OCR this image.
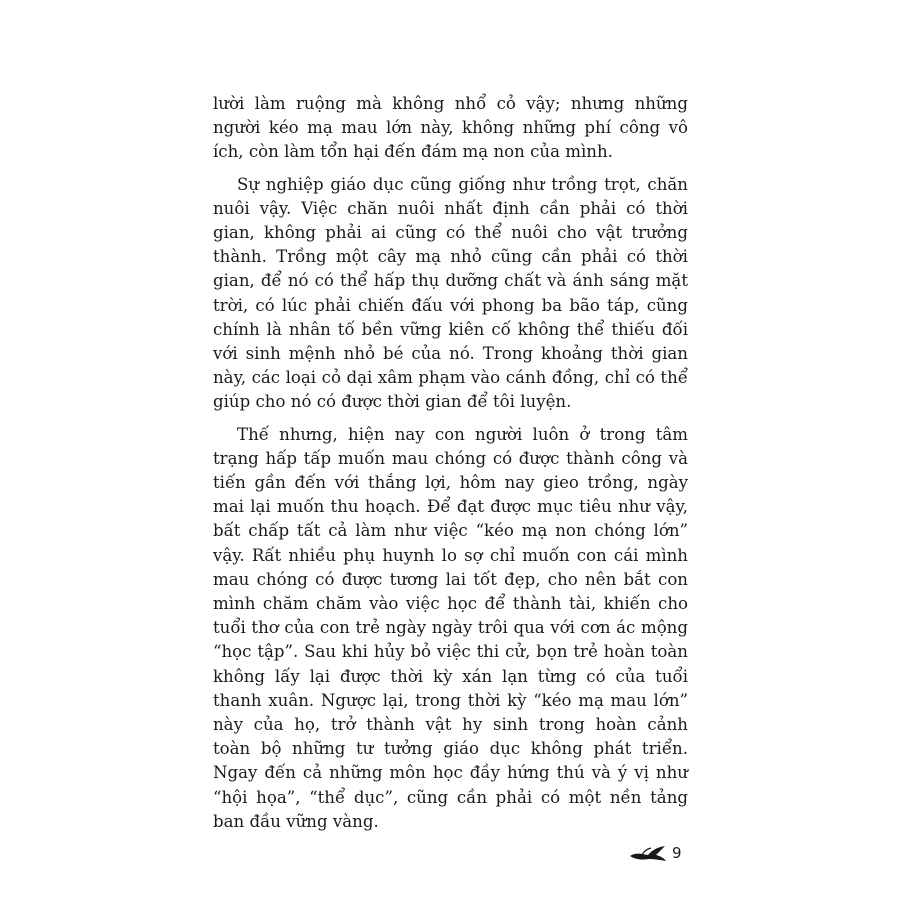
lười làm ruộng mà không nhổ cỏ vậy; nhưng những
người kéo mạ mau lớn này, không những phí công vô
ích, còn làm tổn hại đến đám mạ non của mình.
Sự nghiệp giáo dục cũng giống như trồng trọt, chăn
nuôi vậy. Việc chăn nuôi nhất định cần phải có thời
gian, không phải ai cũng có thể nuôi cho vật trưởng
thành. Trồng một cây mạ nhỏ cũng cần phải có thời
gian, để nó có thể hấp thụ dưỡng chất và ánh sáng mặt
trời, có lúc phải chiến đấu với phong ba bão táp, cũng
chính là nhân tố bền vững kiên cố không thể thiếu đối
với sinh mệnh nhỏ bé của nó. Trong khoảng thời gian
này, các loại cỏ dại xâm phạm vào cánh đồng, chỉ có thể
giúp cho nó có được thời gian để tôi luyện.
Thế nhưng, hiện nay con người luôn ở trong tâm
trạng hấp tấp muốn mau chóng có được thành công và
tiến gần đến với thắng lợi, hôm nay gieo trồng, ngày
mai lại muốn thu hoạch. Để đạt được mục tiêu như vậy,
bất chấp tất cả làm như việc “kéo mạ non chóng lớn”
vậy. Rất nhiều phụ huynh lo sợ chỉ muốn con cái mình
mau chóng có được tương lai tốt đẹp, cho nên bắt con
mình chăm chăm vào việc học để thành tài, khiến cho
tuổi thơ của con trẻ ngày ngày trôi qua với cơn ác mộng
“học tập”. Sau khi hủy bỏ việc thi cử, bọn trẻ hoàn toàn
không lấy lại được thời kỳ xán lạn từng có của tuổi
thanh xuân. Ngược lại, trong thời kỳ “kéo mạ mau lớn”
này của họ, trở thành vật hy sinh trong hoàn cảnh
toàn bộ những tư tưởng giáo dục không phát triển.
Ngay đến cả những môn học đầy hứng thú và ý vị như
“hội họa”, “thể dục”, cũng cần phải có một nền tảng
ban đầu vững vàng.
9
